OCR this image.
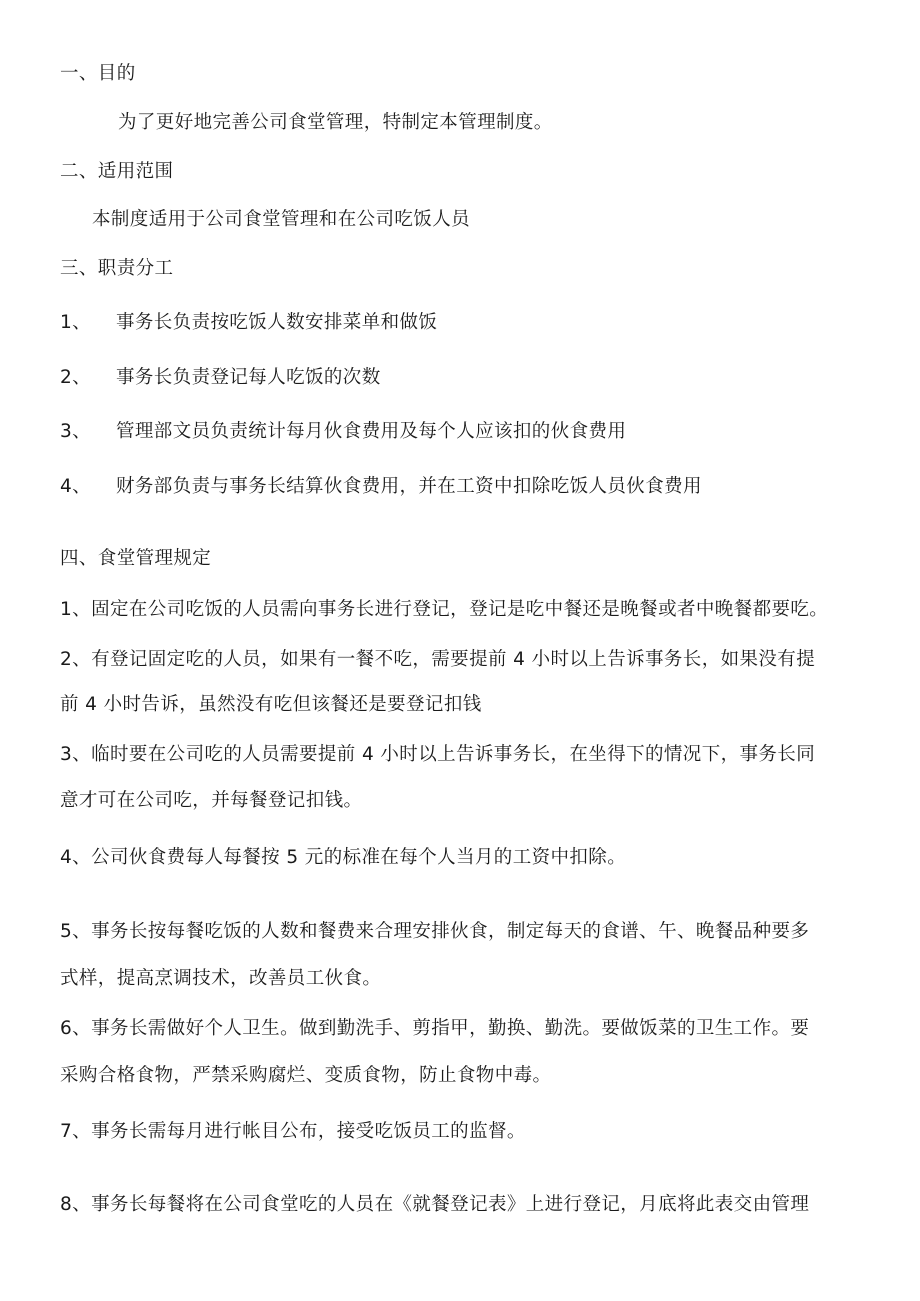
一、目的
为了更好地完善公司食堂管理，特制定本管理制度。
二、适用范围
本制度适用于公司食堂管理和在公司吃饭人员
三、职责分工
1、 事务长负责按吃饭人数安排菜单和做饭
2、 事务长负责登记每人吃饭的次数
3、 管理部文员负责统计每月伙食费用及每个人应该扣的伙食费用
4、 财务部负责与事务长结算伙食费用，并在工资中扣除吃饭人员伙食费用
四、食堂管理规定
1、固定在公司吃饭的人员需向事务长进行登记，登记是吃中餐还是晚餐或者中晚餐都要吃。
2、有登记固定吃的人员，如果有一餐不吃，需要提前 4 小时以上告诉事务长，如果没有提
前 4 小时告诉，虽然没有吃但该餐还是要登记扣钱
3、临时要在公司吃的人员需要提前 4 小时以上告诉事务长，在坐得下的情况下，事务长同
意才可在公司吃，并每餐登记扣钱。
4、公司伙食费每人每餐按 5 元的标准在每个人当月的工资中扣除。
5、事务长按每餐吃饭的人数和餐费来合理安排伙食，制定每天的食谱、午、晚餐品种要多
式样，提高烹调技术，改善员工伙食。
6、事务长需做好个人卫生。做到勤洗手、剪指甲，勤换、勤洗。要做饭菜的卫生工作。要
采购合格食物，严禁采购腐烂、变质食物，防止食物中毒。
7、事务长需每月进行帐目公布，接受吃饭员工的监督。
8、事务长每餐将在公司食堂吃的人员在《就餐登记表》上进行登记，月底将此表交由管理
